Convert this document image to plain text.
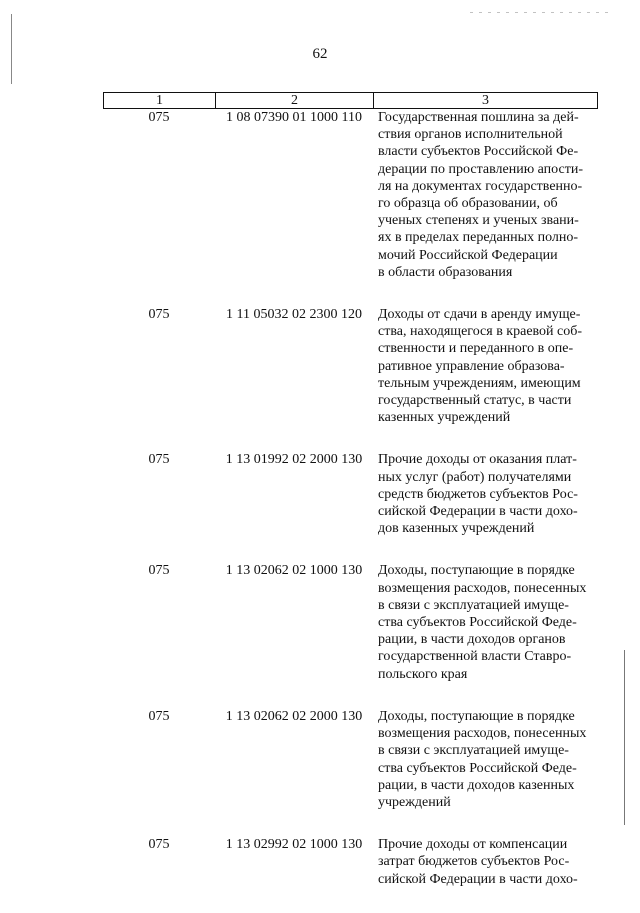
62
1	2	3
075	1 08 07390 01 1000 110	Государственная пошлина за дей-
ствия органов исполнительной
власти субъектов Российской Фе-
дерации по проставлению апости-
ля на документах государственно-
го образца об образовании, об
ученых степенях и ученых звани-
ях в пределах переданных полно-
мочий Российской Федерации
в области образования
075	1 11 05032 02 2300 120	Доходы от сдачи в аренду имуще-
ства, находящегося в краевой соб-
ственности и переданного в опе-
ративное управление образова-
тельным учреждениям, имеющим
государственный статус, в части
казенных учреждений
075	1 13 01992 02 2000 130	Прочие доходы от оказания плат-
ных услуг (работ) получателями
средств бюджетов субъектов Рос-
сийской Федерации в части дохо-
дов казенных учреждений
075	1 13 02062 02 1000 130	Доходы, поступающие в порядке
возмещения расходов, понесенных
в связи с эксплуатацией имуще-
ства субъектов Российской Феде-
рации, в части доходов органов
государственной власти Ставро-
польского края
075	1 13 02062 02 2000 130	Доходы, поступающие в порядке
возмещения расходов, понесенных
в связи с эксплуатацией имуще-
ства субъектов Российской Феде-
рации, в части доходов казенных
учреждений
075	1 13 02992 02 1000 130	Прочие доходы от компенсации
затрат бюджетов субъектов Рос-
сийской Федерации в части дохо-
